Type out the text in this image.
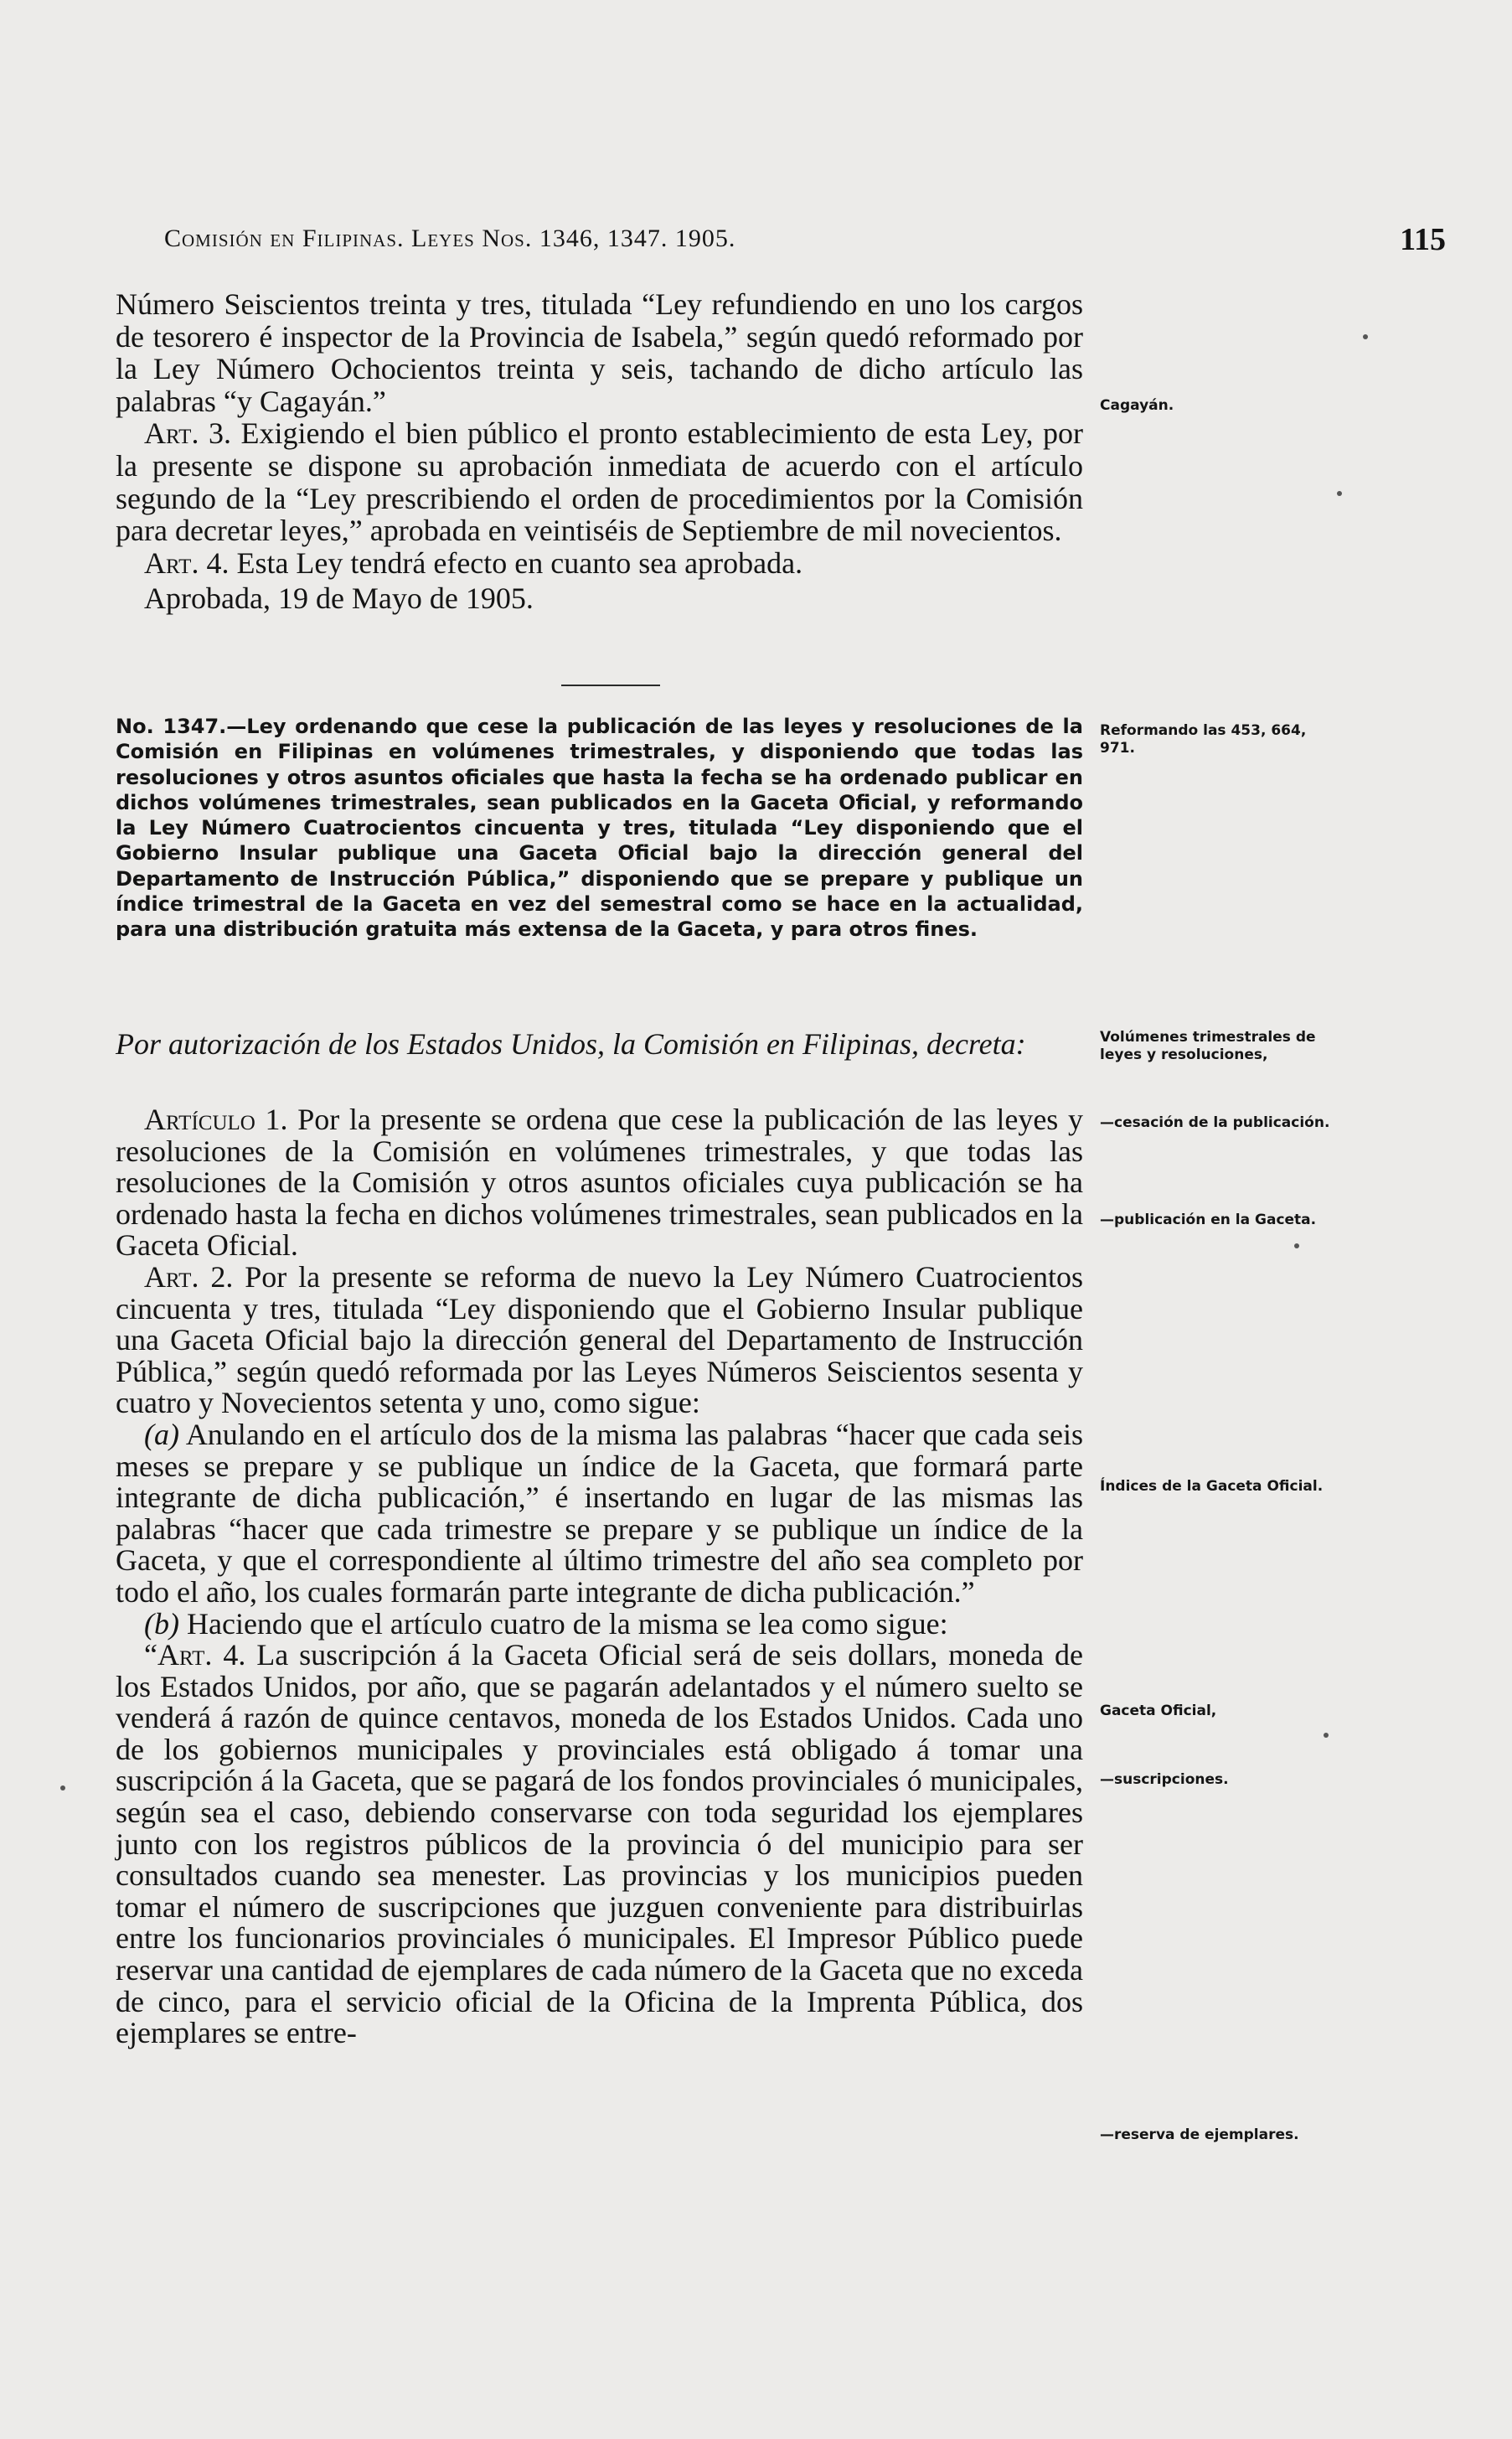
Comisión en Filipinas. Leyes Nos. 1346, 1347. 1905.	115

Número Seiscientos treinta y tres, titulada “Ley refundiendo en uno los cargos de tesorero é inspector de la Provincia de Isabela,” según quedó reformado por la Ley Número Ochocientos treinta y seis, tachando de dicho artículo las palabras “y Cagayán.”

Art. 3. Exigiendo el bien público el pronto establecimiento de esta Ley, por la presente se dispone su aprobación inmediata de acuerdo con el artículo segundo de la “Ley prescribiendo el orden de procedimientos por la Comisión para decretar leyes,” aprobada en veintiséis de Septiembre de mil novecientos.

Art. 4. Esta Ley tendrá efecto en cuanto sea aprobada.

Aprobada, 19 de Mayo de 1905.

No. 1347.—Ley ordenando que cese la publicación de las leyes y resoluciones de la Comisión en Filipinas en volúmenes trimestrales, y disponiendo que todas las resoluciones y otros asuntos oficiales que hasta la fecha se ha ordenado publicar en dichos volúmenes trimestrales, sean publicados en la Gaceta Oficial, y reformando la Ley Número Cuatrocientos cincuenta y tres, titulada “Ley disponiendo que el Gobierno Insular publique una Gaceta Oficial bajo la dirección general del Departamento de Instrucción Pública,” disponiendo que se prepare y publique un índice trimestral de la Gaceta en vez del semestral como se hace en la actualidad, para una distribución gratuita más extensa de la Gaceta, y para otros fines.

Por autorización de los Estados Unidos, la Comisión en Filipinas, decreta:

Artículo 1. Por la presente se ordena que cese la publicación de las leyes y resoluciones de la Comisión en volúmenes trimestrales, y que todas las resoluciones de la Comisión y otros asuntos oficiales cuya publicación se ha ordenado hasta la fecha en dichos volúmenes trimestrales, sean publicados en la Gaceta Oficial.

Art. 2. Por la presente se reforma de nuevo la Ley Número Cuatrocientos cincuenta y tres, titulada “Ley disponiendo que el Gobierno Insular publique una Gaceta Oficial bajo la dirección general del Departamento de Instrucción Pública,” según quedó reformada por las Leyes Números Seiscientos sesenta y cuatro y Novecientos setenta y uno, como sigue:

(a) Anulando en el artículo dos de la misma las palabras “hacer que cada seis meses se prepare y se publique un índice de la Gaceta, que formará parte integrante de dicha publicación,” é insertando en lugar de las mismas las palabras “hacer que cada trimestre se prepare y se publique un índice de la Gaceta, y que el correspondiente al último trimestre del año sea completo por todo el año, los cuales formarán parte integrante de dicha publicación.”

(b) Haciendo que el artículo cuatro de la misma se lea como sigue:

“Art. 4. La suscripción á la Gaceta Oficial será de seis dollars, moneda de los Estados Unidos, por año, que se pagarán adelantados y el número suelto se venderá á razón de quince centavos, moneda de los Estados Unidos. Cada uno de los gobiernos municipales y provinciales está obligado á tomar una suscripción á la Gaceta, que se pagará de los fondos provinciales ó municipales, según sea el caso, debiendo conservarse con toda seguridad los ejemplares junto con los registros públicos de la provincia ó del municipio para ser consultados cuando sea menester. Las provincias y los municipios pueden tomar el número de suscripciones que juzguen conveniente para distribuirlas entre los funcionarios provinciales ó municipales. El Impresor Público puede reservar una cantidad de ejemplares de cada número de la Gaceta que no exceda de cinco, para el servicio oficial de la Oficina de la Imprenta Pública, dos ejemplares se entre-

Cagayán.
Reformando las 453, 664, 971.
Volúmenes trimestrales de leyes y resoluciones,
—cesación de la publicación.
—publicación en la Gaceta.
Índices de la Gaceta Oficial.
Gaceta Oficial,
—suscripciones.
—reserva de ejemplares.
